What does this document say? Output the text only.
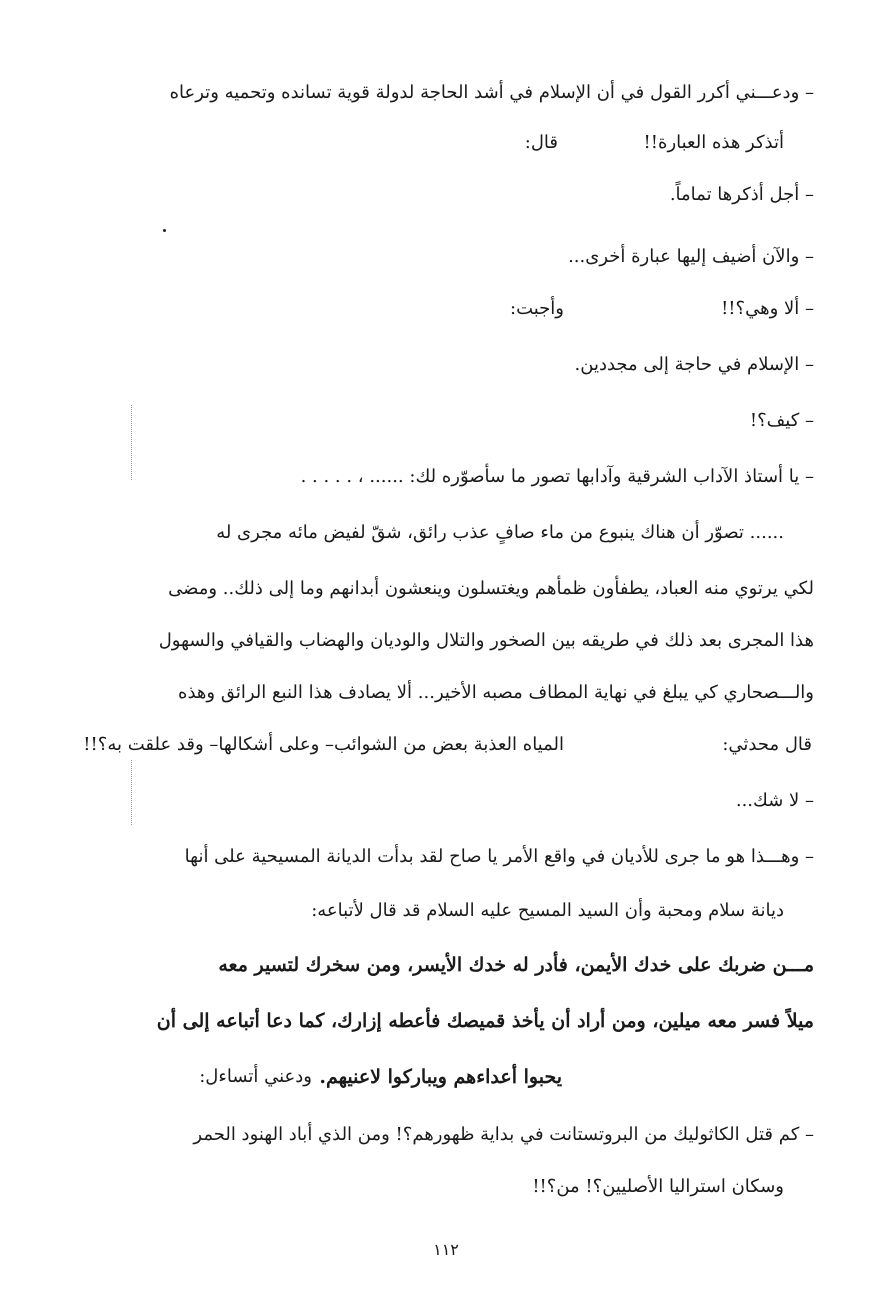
– ودعـــني أكرر القول في أن الإسلام في أشد الحاجة لدولة قوية تسانده وتحميه وترعاه
أتذكر هذه العبارة!!
قال:
– أجل أذكرها تماماً.
– والآن أضيف إليها عبارة أخرى...
– ألا وهي؟!!
وأجبت:
– الإسلام في حاجة إلى مجددين.
– كيف؟!
– يا أستاذ الآداب الشرقية وآدابها تصور ما سأصوّره لك: ...... ، . . . . .
...... تصوّر أن هناك ينبوع من ماء صافٍ عذب رائق، شقّ لفيض مائه مجرى له
لكي يرتوي منه العباد، يطفأون ظمأهم ويغتسلون وينعشون أبدانهم وما إلى ذلك.. ومضى
هذا المجرى بعد ذلك في طريقه بين الصخور والتلال والوديان والهضاب والقيافي والسهول
والـــصحاري كي يبلغ في نهاية المطاف مصبه الأخير... ألا يصادف هذا النبع الرائق وهذه
المياه العذبة بعض من الشوائب– وعلى أشكالها– وقد علقت به؟!!	قال محدثي:
– لا شك...
– وهـــذا هو ما جرى للأديان في واقع الأمر يا صاح لقد بدأت الديانة المسيحية على أنها
ديانة سلام ومحبة وأن السيد المسيح عليه السلام قد قال لأتباعه:
مـــن ضربك على خدك الأيمن، فأدر له خدك الأيسر، ومن سخرك لتسير معه
ميلاً فسر معه ميلين، ومن أراد أن يأخذ قميصك فأعطه إزارك، كما دعا أتباعه إلى أن
يحبوا أعداءهم ويباركوا لاعنيهم.
ودعني أتساءل:
– كم قتل الكاثوليك من البروتستانت في بداية ظهورهم؟! ومن الذي أباد الهنود الحمر
وسكان استراليا الأصليين؟! من؟!!
١١٢
